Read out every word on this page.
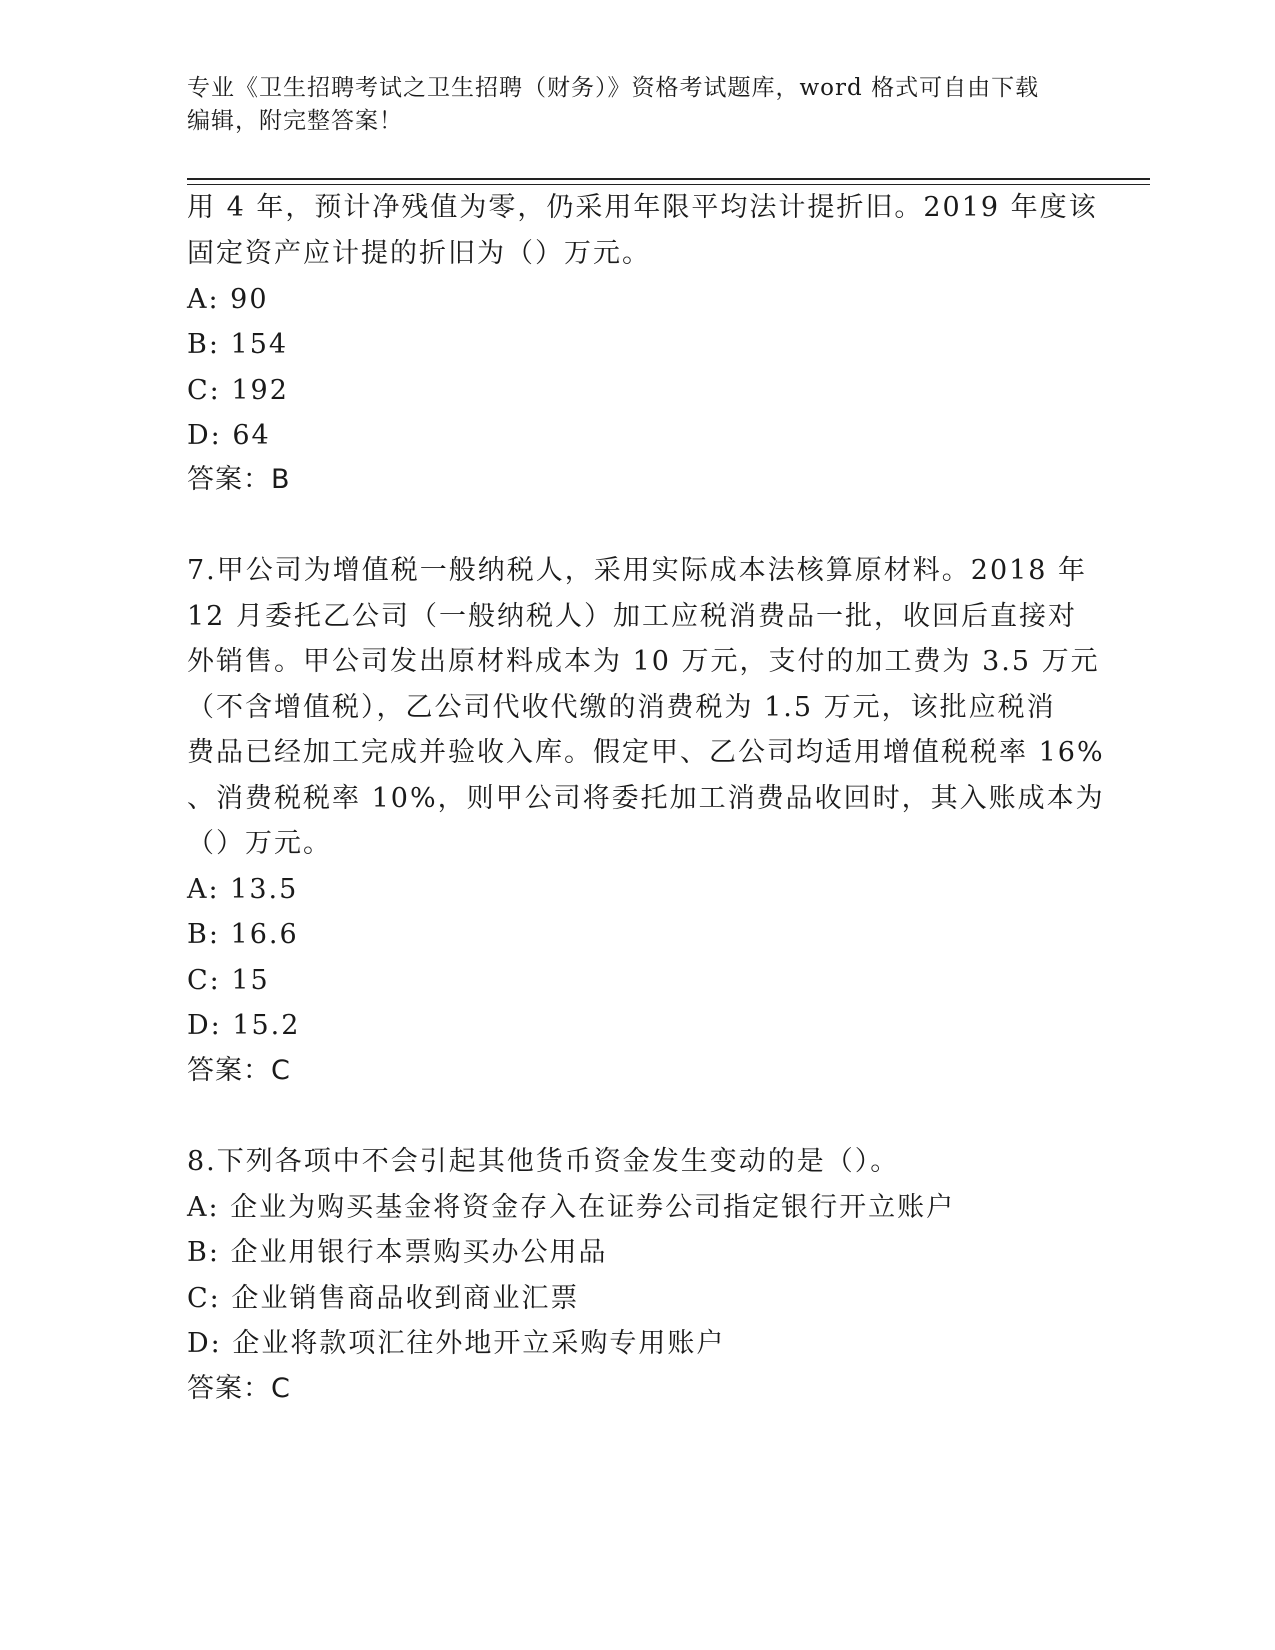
专业《卫生招聘考试之卫生招聘（财务）》资格考试题库，word 格式可自由下载
编辑，附完整答案！
用 4 年，预计净残值为零，仍采用年限平均法计提折旧。2019 年度该
固定资产应计提的折旧为（）万元。
A: 90
B: 154
C: 192
D: 64
答案：B
7.甲公司为增值税一般纳税人，采用实际成本法核算原材料。2018 年
12 月委托乙公司（一般纳税人）加工应税消费品一批，收回后直接对
外销售。甲公司发出原材料成本为 10 万元，支付的加工费为 3.5 万元
（不含增值税），乙公司代收代缴的消费税为 1.5 万元，该批应税消
费品已经加工完成并验收入库。假定甲、乙公司均适用增值税税率 16%
、消费税税率 10%，则甲公司将委托加工消费品收回时，其入账成本为
（）万元。
A: 13.5
B: 16.6
C: 15
D: 15.2
答案：C
8.下列各项中不会引起其他货币资金发生变动的是（）。
A: 企业为购买基金将资金存入在证券公司指定银行开立账户
B: 企业用银行本票购买办公用品
C: 企业销售商品收到商业汇票
D: 企业将款项汇往外地开立采购专用账户
答案：C
